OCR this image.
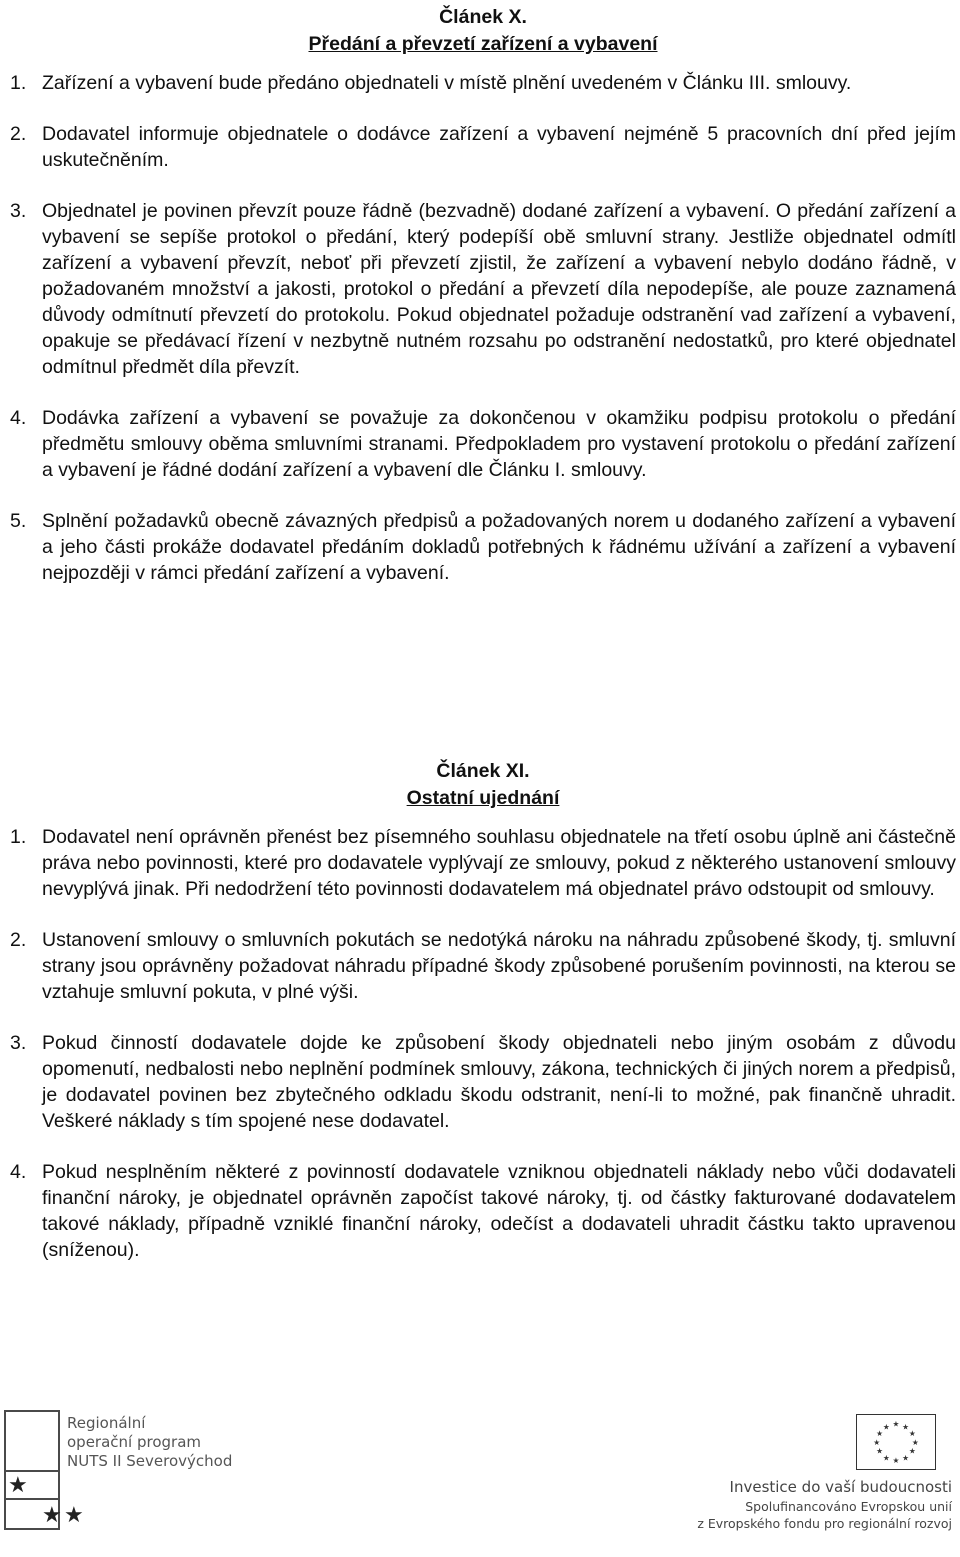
Článek X.
Předání a převzetí zařízení a vybavení
1. Zařízení a vybavení bude předáno objednateli v místě plnění uvedeném v Článku III. smlouvy.
2. Dodavatel informuje objednatele o dodávce zařízení a vybavení nejméně 5 pracovních dní před jejím uskutečněním.
3. Objednatel je povinen převzít pouze řádně (bezvadně) dodané zařízení a vybavení. O předání zařízení a vybavení se sepíše protokol o předání, který podepíší obě smluvní strany. Jestliže objednatel odmítl zařízení a vybavení převzít, neboť při převzetí zjistil, že zařízení a vybavení nebylo dodáno řádně, v požadovaném množství a jakosti, protokol o předání a převzetí díla nepodepíše, ale pouze zaznamená důvody odmítnutí převzetí do protokolu. Pokud objednatel požaduje odstranění vad zařízení a vybavení, opakuje se předávací řízení v nezbytně nutném rozsahu po odstranění nedostatků, pro které objednatel odmítnul předmět díla převzít.
4. Dodávka zařízení a vybavení se považuje za dokončenou v okamžiku podpisu protokolu o předání předmětu smlouvy oběma smluvními stranami. Předpokladem pro vystavení protokolu o předání zařízení a vybavení je řádné dodání zařízení a vybavení dle Článku I. smlouvy.
5. Splnění požadavků obecně závazných předpisů a požadovaných norem u dodaného zařízení a vybavení a jeho části prokáže dodavatel předáním dokladů potřebných k řádnému užívání a zařízení a vybavení nejpozději v rámci předání zařízení a vybavení.
Článek XI.
Ostatní ujednání
1. Dodavatel není oprávněn přenést bez písemného souhlasu objednatele na třetí osobu úplně ani částečně práva nebo povinnosti, které pro dodavatele vyplývají ze smlouvy, pokud z některého ustanovení smlouvy nevyplývá jinak. Při nedodržení této povinnosti dodavatelem má objednatel právo odstoupit od smlouvy.
2. Ustanovení smlouvy o smluvních pokutách se nedotýká nároku na náhradu způsobené škody, tj. smluvní strany jsou oprávněny požadovat náhradu případné škody způsobené porušením povinnosti, na kterou se vztahuje smluvní pokuta, v plné výši.
3. Pokud činností dodavatele dojde ke způsobení škody objednateli nebo jiným osobám z důvodu opomenutí, nedbalosti nebo neplnění podmínek smlouvy, zákona, technických či jiných norem a předpisů, je dodavatel povinen bez zbytečného odkladu škodu odstranit, není-li to možné, pak finančně uhradit. Veškeré náklady s tím spojené nese dodavatel.
4. Pokud nesplněním některé z povinností dodavatele vzniknou objednateli náklady nebo vůči dodavateli finanční nároky, je objednatel oprávněn započíst takové nároky, tj. od částky fakturované dodavatelem takové náklady, případně vzniklé finanční nároky, odečíst a dodavateli uhradit částku takto upravenou (sníženou).
★
★ ★
Regionální
operační program
NUTS II Severovýchod
★ ★
★
★
★
★
★
★
★
★
★
★
Investice do vaší budoucnosti
Spolufinancováno Evropskou unií
z Evropského fondu pro regionální rozvoj
